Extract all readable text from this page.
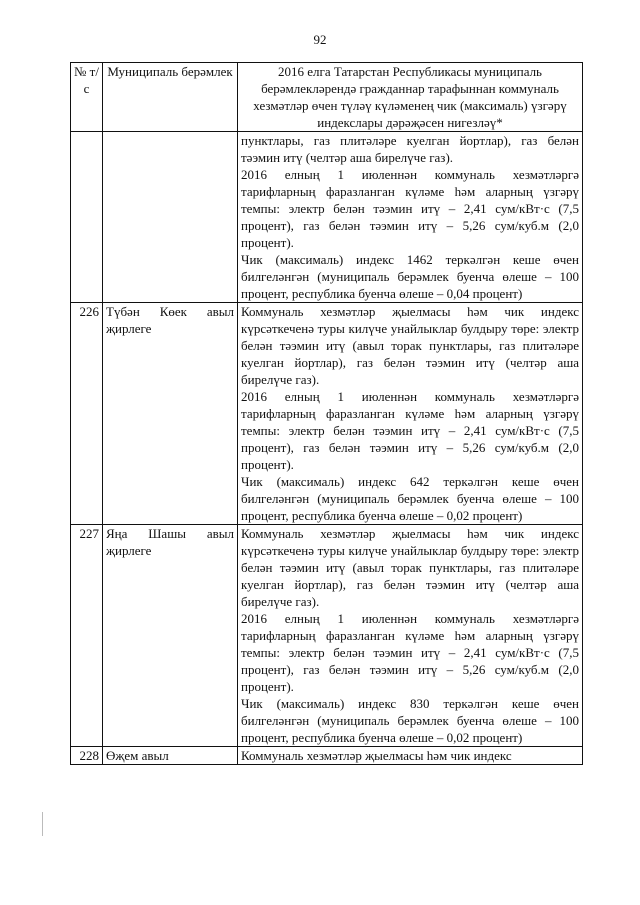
92
№ т/с	Муниципаль берәмлек	2016 елга Татарстан Республикасы муниципаль берәмлекләрендә гражданнар тарафыннан коммуналь хезмәтләр өчен түләү күләменең чик (максималь) үзгәрү индекслары дәрәҗәсен нигезләү*

		пунктлары, газ плитәләре куелган йортлар), газ белән тәэмин итү (челтәр аша бирелүче газ).

2016 елның 1 июленнән коммуналь хезмәтләргә тарифларның фаразланган күләме һәм аларның үзгәрү темпы: электр белән тәэмин итү – 2,41 сум/кВт·с (7,5 процент), газ белән тәэмин итү – 5,26 сум/куб.м (2,0 процент).

Чик (максималь) индекс 1462 теркәлгән кеше өчен билгеләнгән (муниципаль берәмлек буенча өлеше – 100 процент, республика буенча өлеше – 0,04 процент)

226	Түбән Көек авыл җирлеге	Коммуналь хезмәтләр җыелмасы һәм чик индекс күрсәткеченә туры килүче унайлыклар булдыру төре: электр белән тәэмин итү (авыл торак пунктлары, газ плитәләре куелган йортлар), газ белән тәэмин итү (челтәр аша бирелүче газ).

2016 елның 1 июленнән коммуналь хезмәтләргә тарифларның фаразланган күләме һәм аларның үзгәрү темпы: электр белән тәэмин итү – 2,41 сум/кВт·с (7,5 процент), газ белән тәэмин итү – 5,26 сум/куб.м (2,0 процент).

Чик (максималь) индекс 642 теркәлгән кеше өчен билгеләнгән (муниципаль берәмлек буенча өлеше – 100 процент, республика буенча өлеше – 0,02 процент)

227	Яңа Шашы авыл җирлеге	Коммуналь хезмәтләр җыелмасы һәм чик индекс күрсәткеченә туры килүче унайлыклар булдыру төре: электр белән тәэмин итү (авыл торак пунктлары, газ плитәләре куелган йортлар), газ белән тәэмин итү (челтәр аша бирелүче газ).

2016 елның 1 июленнән коммуналь хезмәтләргә тарифларның фаразланган күләме һәм аларның үзгәрү темпы: электр белән тәэмин итү – 2,41 сум/кВт·с (7,5 процент), газ белән тәэмин итү – 5,26 сум/куб.м (2,0 процент).

Чик (максималь) индекс 830 теркәлгән кеше өчен билгеләнгән (муниципаль берәмлек буенча өлеше – 100 процент, республика буенча өлеше – 0,02 процент)

228	Өҗем авыл	Коммуналь хезмәтләр җыелмасы һәм чик индекс
